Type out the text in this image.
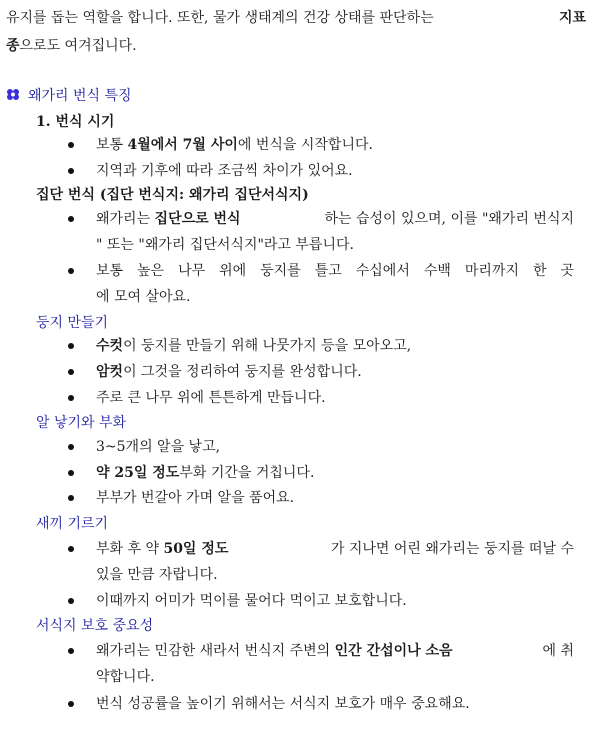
유지를 돕는 역할을 합니다. 또한, 물가 생태계의 건강 상태를 판단하는	지표
종으로도 여겨집니다.
왜가리 번식 특징
1. 번식 시기
보통 4월에서 7월 사이에 번식을 시작합니다.
지역과 기후에 따라 조금씩 차이가 있어요.
집단 번식 (집단 번식지: 왜가리 집단서식지)
왜가리는 집단으로 번식	하는 습성이 있으며, 이를 "왜가리 번식지
" 또는 "왜가리 집단서식지"라고 부릅니다.
보통 높은 나무 위에 둥지를 틀고 수십에서 수백 마리까지 한 곳
에 모여 살아요.
둥지 만들기
수컷이 둥지를 만들기 위해 나뭇가지 등을 모아오고,
암컷이 그것을 정리하여 둥지를 완성합니다.
주로 큰 나무 위에 튼튼하게 만듭니다.
알 낳기와 부화
3~5개의 알을 낳고,
약 25일 정도부화 기간을 거칩니다.
부부가 번갈아 가며 알을 품어요.
새끼 기르기
부화 후 약 50일 정도	가 지나면 어린 왜가리는 둥지를 떠날 수
있을 만큼 자랍니다.
이때까지 어미가 먹이를 물어다 먹이고 보호합니다.
서식지 보호 중요성
왜가리는 민감한 새라서 번식지 주변의 인간 간섭이나 소음	에 취
약합니다.
번식 성공률을 높이기 위해서는 서식지 보호가 매우 중요해요.
